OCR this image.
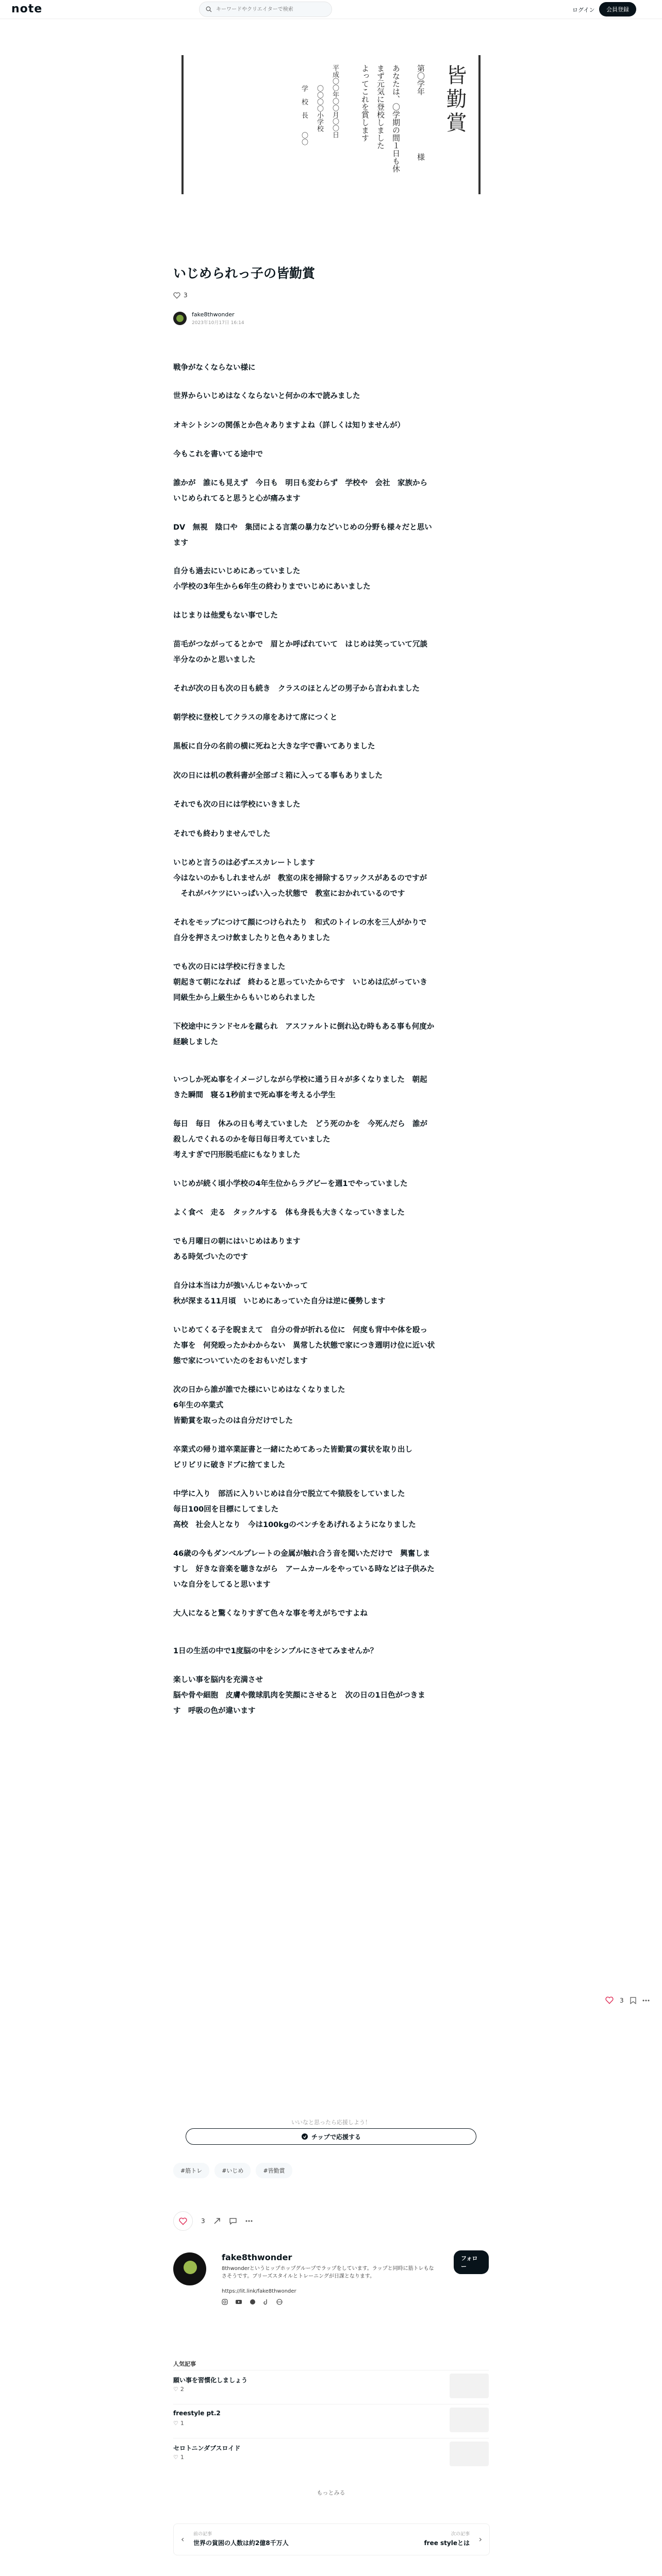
note
キーワードやクリエイターで検索	ログイン	会員登録
皆勤賞
第〇学年
あなたは、〇学期の間１日も休
まず元気に登校しました
よってこれを賞します
様
平成〇〇年〇〇月〇〇日
〇〇〇〇小学校
学　校　長　　〇〇
いじめられっ子の皆勤賞
3
fake8thwonder
2023年10月17日 16:14
戦争がなくならない様に
世界からいじめはなくならないと何かの本で読みました
オキシトシンの関係とか色々ありますよね（詳しくは知りませんが）
今もこれを書いてる途中で
誰かが　誰にも見えず　今日も　明日も変わらず　学校や　会社　家族から
いじめられてると思うと心が痛みます
DV　無視　陰口や　集団による言葉の暴力などいじめの分野も様々だと思い
ます
自分も過去にいじめにあっていました
小学校の3年生から6年生の終わりまでいじめにあいました
はじまりは他愛もない事でした
苗毛がつながってるとかで　眉とか呼ばれていて　はじめは笑っていて冗談
半分なのかと思いました
それが次の日も次の日も続き　クラスのほとんどの男子から言われました
朝学校に登校してクラスの扉をあけて席につくと
黒板に自分の名前の横に死ねと大きな字で書いてありました
次の日には机の教科書が全部ゴミ箱に入ってる事もありました
それでも次の日には学校にいきました
それでも終わりませんでした
いじめと言うのは必ずエスカレートします
今はないのかもしれませんが　教室の床を掃除するワックスがあるのですが
　それがバケツにいっぱい入った状態で　教室におかれているのです
それをモップにつけて顔につけられたり　和式のトイレの水を三人がかりで
自分を押さえつけ飲ましたりと色々ありました
でも次の日には学校に行きました
朝起きて朝になれば　終わると思っていたからです　いじめは広がっていき
同級生から上級生からもいじめられました
下校途中にランドセルを蹴られ　アスファルトに倒れ込む時もある事も何度か
経験しました
いつしか死ぬ事をイメージしながら学校に通う日々が多くなりました　朝起
きた瞬間　寝る1秒前まで死ぬ事を考える小学生
毎日　毎日　休みの日も考えていました　どう死のかを　今死んだら　誰が
殺しんでくれるのかを毎日毎日考えていました
考えすぎで円形脱毛症にもなりました
いじめが続く頃小学校の4年生位からラグビーを週1でやっていました
よく食べ　走る　タックルする　体も身長も大きくなっていきました
でも月曜日の朝にはいじめはあります
ある時気づいたのです
自分は本当は力が強いんじゃないかって
秋が深まる11月頃　いじめにあっていた自分は逆に優勢します
いじめてくる子を睨まえて　自分の骨が折れる位に　何度も背中や体を殴っ
た事を　何発殴ったかわからない　異常した状態で家につき週明け位に近い状
態で家についていたのをおもいだします
次の日から誰が誰でた様にいじめはなくなりました
6年生の卒業式
皆勤賞を取ったのは自分だけでした
卒業式の帰り道卒業証書と一緒にためてあった皆勤賞の賞状を取り出し
ビリビリに破きドブに捨てました
中学に入り　部活に入りいじめは自分で脱立てや猿股をしていました
毎日100回を目標にしてました
高校　社会人となり　今は100kgのベンチをあげれるようになりました
46歳の今もダンベルプレートの金属が触れ合う音を聞いただけで　興奮しま
すし　好きな音楽を聴きながら　アームカールをやっている時などは子供みた
いな自分をしてると思います
大人になると驚くなりすぎて色々な事を考えがちですよね
1日の生活の中で1度脳の中をシンプルにさせてみませんか？
楽しい事を脳内を充満させ
脳や骨や細胞　皮膚や微球肌肉を笑顔にさせると　次の日の1日色がつきま
す　呼吸の色が違います
3
いいなと思ったら応援しよう！
チップで応援する
#筋トレ	#いじめ	#皆勤賞
3
fake8thwonder
8thwonderというヒップホップグループでラップをしています。ラップと同時に筋トレもなさそうです。ブリーズスタイルとトレーニングが日課となります。
https://lit.link/fake8thwonder
フォロー
人気記事
願い事を習慣化しましょう
♡ 2
freestyle pt.2
♡ 1
セロトニンダブスロイド
♡ 1
もっとみる
‹ 前の記事
世界の貧困の人数は約2億8千万人
次の記事
free styleとは ›
